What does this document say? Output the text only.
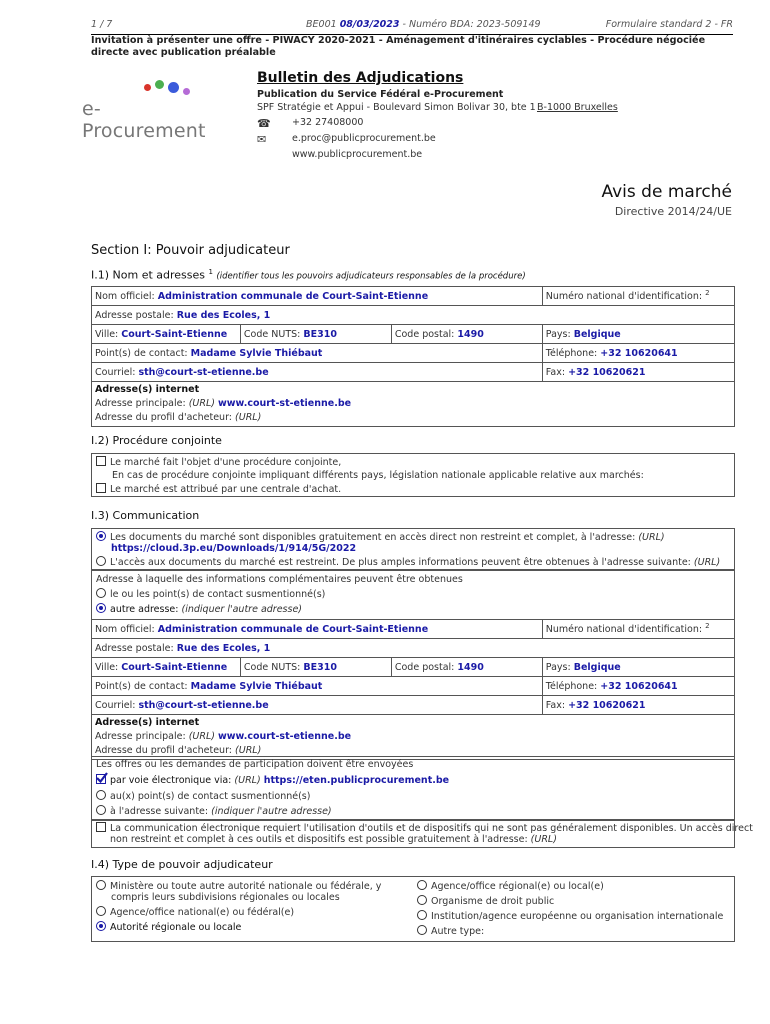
1 / 7	BE001 08/03/2023 - Numéro BDA: 2023-509149	Formulaire standard 2 - FR
Invitation à présenter une offre - PIWACY 2020-2021 - Aménagement d'itinéraires cyclables - Procédure négociée directe avec publication préalable
e-Procurement
Bulletin des Adjudications
Publication du Service Fédéral e-Procurement
SPF Stratégie et Appui - Boulevard Simon Bolivar 30, bte 1 B-1000 Bruxelles
☎ +32 27408000
✉	e.proc@publicprocurement.be
www.publicprocurement.be
Avis de marché
Directive 2014/24/UE
Section I: Pouvoir adjudicateur
I.1) Nom et adresses $^1$ (identifier tous les pouvoirs adjudicateurs responsables de la procédure)
Nom officiel: Administration communale de Court-Saint-Etienne			Numéro national d'identification: $^2$
Adresse postale: Rue des Ecoles, 1			
Ville: Court-Saint-Etienne	Code NUTS: BE310	Code postal: 1490	Pays: Belgique
Point(s) de contact: Madame Sylvie Thiébaut			Téléphone: +32 10620641
Courriel: sth@court-st-etienne.be			Fax: +32 10620621

Adresse(s) internet
Adresse principale: (URL) www.court-st-etienne.be
Adresse du profil d'acheteur: (URL)			
I.2) Procédure conjointe
Le marché fait l'objet d'une procédure conjointe,
En cas de procédure conjointe impliquant différents pays, législation nationale applicable relative aux marchés:
Le marché est attribué par une centrale d'achat.
I.3) Communication
Les documents du marché sont disponibles gratuitement en accès direct non restreint et complet, à l'adresse: (URL)
https://cloud.3p.eu/Downloads/1/914/5G/2022
L'accès aux documents du marché est restreint. De plus amples informations peuvent être obtenues à l'adresse suivante: (URL)
Adresse à laquelle des informations complémentaires peuvent être obtenues
le ou les point(s) de contact susmentionné(s)
autre adresse: (indiquer l'autre adresse)
Nom officiel: Administration communale de Court-Saint-Etienne			Numéro national d'identification: $^2$
Adresse postale: Rue des Ecoles, 1			
Ville: Court-Saint-Etienne	Code NUTS: BE310	Code postal: 1490	Pays: Belgique
Point(s) de contact: Madame Sylvie Thiébaut			Téléphone: +32 10620641
Courriel: sth@court-st-etienne.be			Fax: +32 10620621

Adresse(s) internet
Adresse principale: (URL) www.court-st-etienne.be
Adresse du profil d'acheteur: (URL)			
Les offres ou les demandes de participation doivent être envoyées
par voie électronique via: (URL) https://eten.publicprocurement.be
au(x) point(s) de contact susmentionné(s)
à l'adresse suivante: (indiquer l'autre adresse)
La communication électronique requiert l'utilisation d'outils et de dispositifs qui ne sont pas généralement disponibles. Un accès direct
non restreint et complet à ces outils et dispositifs est possible gratuitement à l'adresse: (URL)
I.4) Type de pouvoir adjudicateur
Ministère ou toute autre autorité nationale ou fédérale, y
compris leurs subdivisions régionales ou locales
Agence/office national(e) ou fédéral(e)
Autorité régionale ou locale
Agence/office régional(e) ou local(e)
Organisme de droit public
Institution/agence européenne ou organisation internationale
Autre type:
